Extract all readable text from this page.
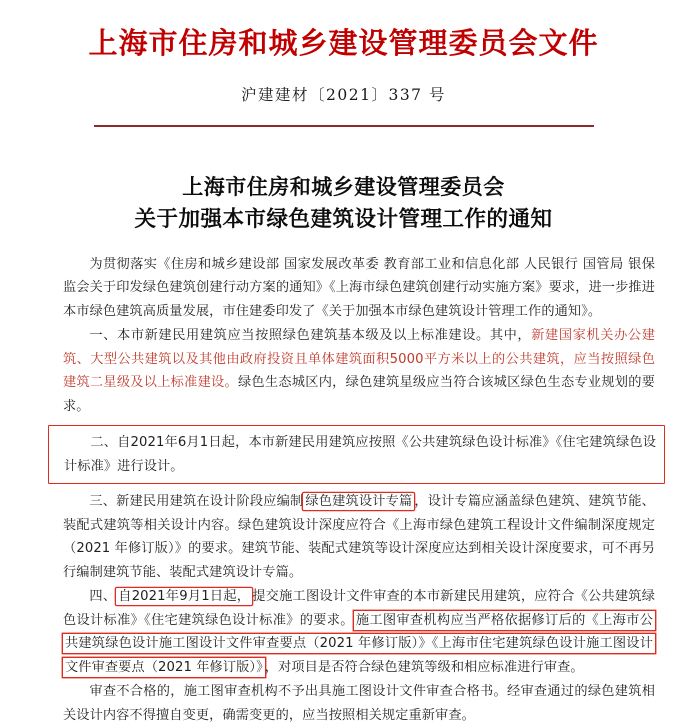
上海市住房和城乡建设管理委员会文件
沪建建材〔2021〕337 号
上海市住房和城乡建设管理委员会
关于加强本市绿色建筑设计管理工作的通知

为贯彻落实《住房和城乡建设部 国家发展改革委 教育部工业和信息化部 人民银行 国管局 银保监会关于印发绿色建筑创建行动方案的通知》《上海市绿色建筑创建行动实施方案》要求，进一步推进本市绿色建筑高质量发展，市住建委印发了《关于加强本市绿色建筑设计管理工作的通知》。

一、本市新建民用建筑应当按照绿色建筑基本级及以上标准建设。其中，新建国家机关办公建筑、大型公共建筑以及其他由政府投资且单体建筑面积5000平方米以上的公共建筑，应当按照绿色建筑二星级及以上标准建设。绿色生态城区内，绿色建筑星级应当符合该城区绿色生态专业规划的要求。

二、自2021年6月1日起，本市新建民用建筑应按照《公共建筑绿色设计标准》《住宅建筑绿色设计标准》进行设计。

三、新建民用建筑在设计阶段应编制 绿色建筑设计专篇 ，设计专篇应涵盖绿色建筑、建筑节能、装配式建筑等相关设计内容。绿色建筑设计深度应符合《上海市绿色建筑工程设计文件编制深度规定（2021 年修订版）》的要求。建筑节能、装配式建筑等设计深度应达到相关设计深度要求，可不再另行编制建筑节能、装配式建筑设计专篇。

四、 自2021年9月1日起， 提交施工图设计文件审查的本市新建民用建筑，应符合《公共建筑绿色设计标准》《住宅建筑绿色设计标准》的要求。 施工图审查机构应当严格依据修订后的《上海市公共建筑绿色设计施工图设计文件审查要点（2021 年修订版）》《上海市住宅建筑绿色设计施工图设计文件审查要点（2021 年修订版）》 ，对项目是否符合绿色建筑等级和相应标准进行审查。

审查不合格的，施工图审查机构不予出具施工图设计文件审查合格书。经审查通过的绿色建筑相关设计内容不得擅自变更，确需变更的，应当按照相关规定重新审查。
